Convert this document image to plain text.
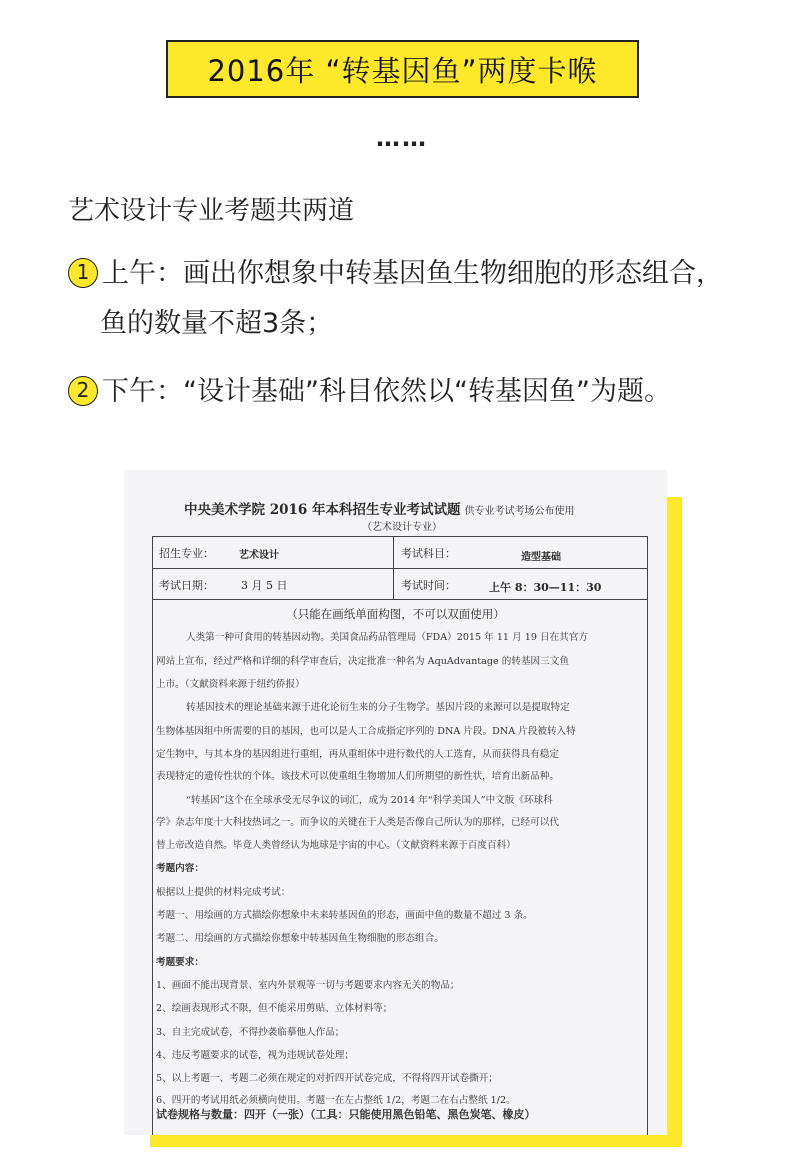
2016年 “转基因鱼”两度卡喉
……
艺术设计专业考题共两道
1 上午：画出你想象中转基因鱼生物细胞的形态组合，
鱼的数量不超3条；
2 下午：“设计基础”科目依然以“转基因鱼”为题。
中央美术学院 2016 年本科招生专业考试试题 供专业考试考场公布使用
（艺术设计专业）
招生专业：	艺术设计	考试科目：	造型基础
考试日期： 3 月 5 日	考试时间：	上午 8：30—11：30
（只能在画纸单面构图，不可以双面使用）
人类第一种可食用的转基因动物。美国食品药品管理局（FDA）2015 年 11 月 19 日在其官方
网站上宣布，经过严格和详细的科学审查后，决定批准一种名为 AquAdvantage 的转基因三文鱼
上市。（文献资料来源于纽约侨报）
转基因技术的理论基础来源于进化论衍生来的分子生物学。基因片段的来源可以是提取特定
生物体基因组中所需要的目的基因，也可以是人工合成指定序列的 DNA 片段。DNA 片段被转入特
定生物中，与其本身的基因组进行重组，再从重组体中进行数代的人工选育，从而获得具有稳定
表现特定的遗传性状的个体。该技术可以使重组生物增加人们所期望的新性状，培育出新品种。
“转基因”这个在全球承受无尽争议的词汇，成为 2014 年“科学美国人”中文版《环球科
学》杂志年度十大科技热词之一。而争议的关键在于人类是否像自己所认为的那样，已经可以代
替上帝改造自然。毕竟人类曾经认为地球是宇宙的中心。（文献资料来源于百度百科）
考题内容：
根据以上提供的材料完成考试：
考题一、用绘画的方式描绘你想象中未来转基因鱼的形态，画面中鱼的数量不超过 3 条。
考题二、用绘画的方式描绘你想象中转基因鱼生物细胞的形态组合。
考题要求：
1、画面不能出现背景、室内外景观等一切与考题要求内容无关的物品；
2、绘画表现形式不限，但不能采用剪贴、立体材料等；
3、自主完成试卷，不得抄袭临摹他人作品；
4、违反考题要求的试卷，视为违规试卷处理；
5、以上考题一、考题二必须在规定的对折四开试卷完成，不得将四开试卷撕开；
6、四开的考试用纸必须横向使用。考题一在左占整纸 1/2，考题二在右占整纸 1/2。
试卷规格与数量：四开（一张）（工具：只能使用黑色铅笔、黑色炭笔、橡皮）
